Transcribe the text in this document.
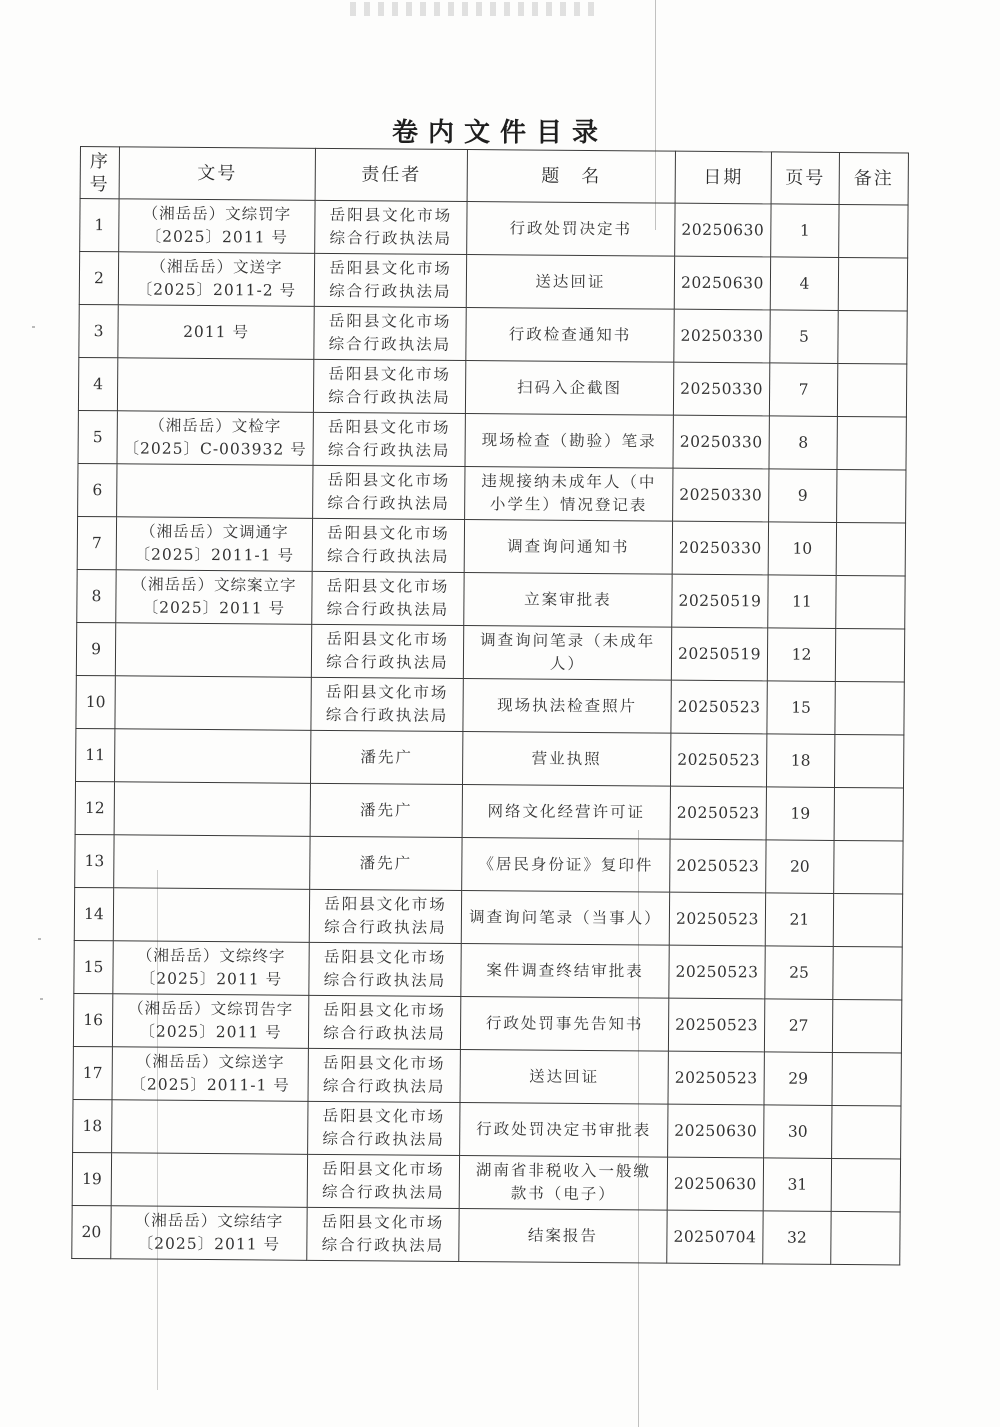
卷内文件目录
序号	文号	责任者	题　名	日期	页号	备注
1	（湘岳岳）文综罚字
〔2025〕2011 号	岳阳县文化市场
综合行政执法局	行政处罚决定书	20250630	1	
2	（湘岳岳）文送字
〔2025〕2011-2 号	岳阳县文化市场
综合行政执法局	送达回证	20250630	4	
3	2011 号	岳阳县文化市场
综合行政执法局	行政检查通知书	20250330	5	
4		岳阳县文化市场
综合行政执法局	扫码入企截图	20250330	7	
5	（湘岳岳）文检字
〔2025〕C-003932 号	岳阳县文化市场
综合行政执法局	现场检查（勘验）笔录	20250330	8	
6		岳阳县文化市场
综合行政执法局	违规接纳未成年人（中
小学生）情况登记表	20250330	9	
7	（湘岳岳）文调通字
〔2025〕2011-1 号	岳阳县文化市场
综合行政执法局	调查询问通知书	20250330	10	
8	（湘岳岳）文综案立字
〔2025〕2011 号	岳阳县文化市场
综合行政执法局	立案审批表	20250519	11	
9		岳阳县文化市场
综合行政执法局	调查询问笔录（未成年
人）	20250519	12	
10		岳阳县文化市场
综合行政执法局	现场执法检查照片	20250523	15	
11		潘先广	营业执照	20250523	18	
12		潘先广	网络文化经营许可证	20250523	19	
13		潘先广	《居民身份证》复印件	20250523	20	
14		岳阳县文化市场
综合行政执法局	调查询问笔录（当事人）	20250523	21	
15	（湘岳岳）文综终字
〔2025〕2011 号	岳阳县文化市场
综合行政执法局	案件调查终结审批表	20250523	25	
16	（湘岳岳）文综罚告字
〔2025〕2011 号	岳阳县文化市场
综合行政执法局	行政处罚事先告知书	20250523	27	
17	（湘岳岳）文综送字
〔2025〕2011-1 号	岳阳县文化市场
综合行政执法局	送达回证	20250523	29	
18		岳阳县文化市场
综合行政执法局	行政处罚决定书审批表	20250630	30	
19		岳阳县文化市场
综合行政执法局	湖南省非税收入一般缴
款书（电子）	20250630	31	
20	（湘岳岳）文综结字
〔2025〕2011 号	岳阳县文化市场
综合行政执法局	结案报告	20250704	32	
